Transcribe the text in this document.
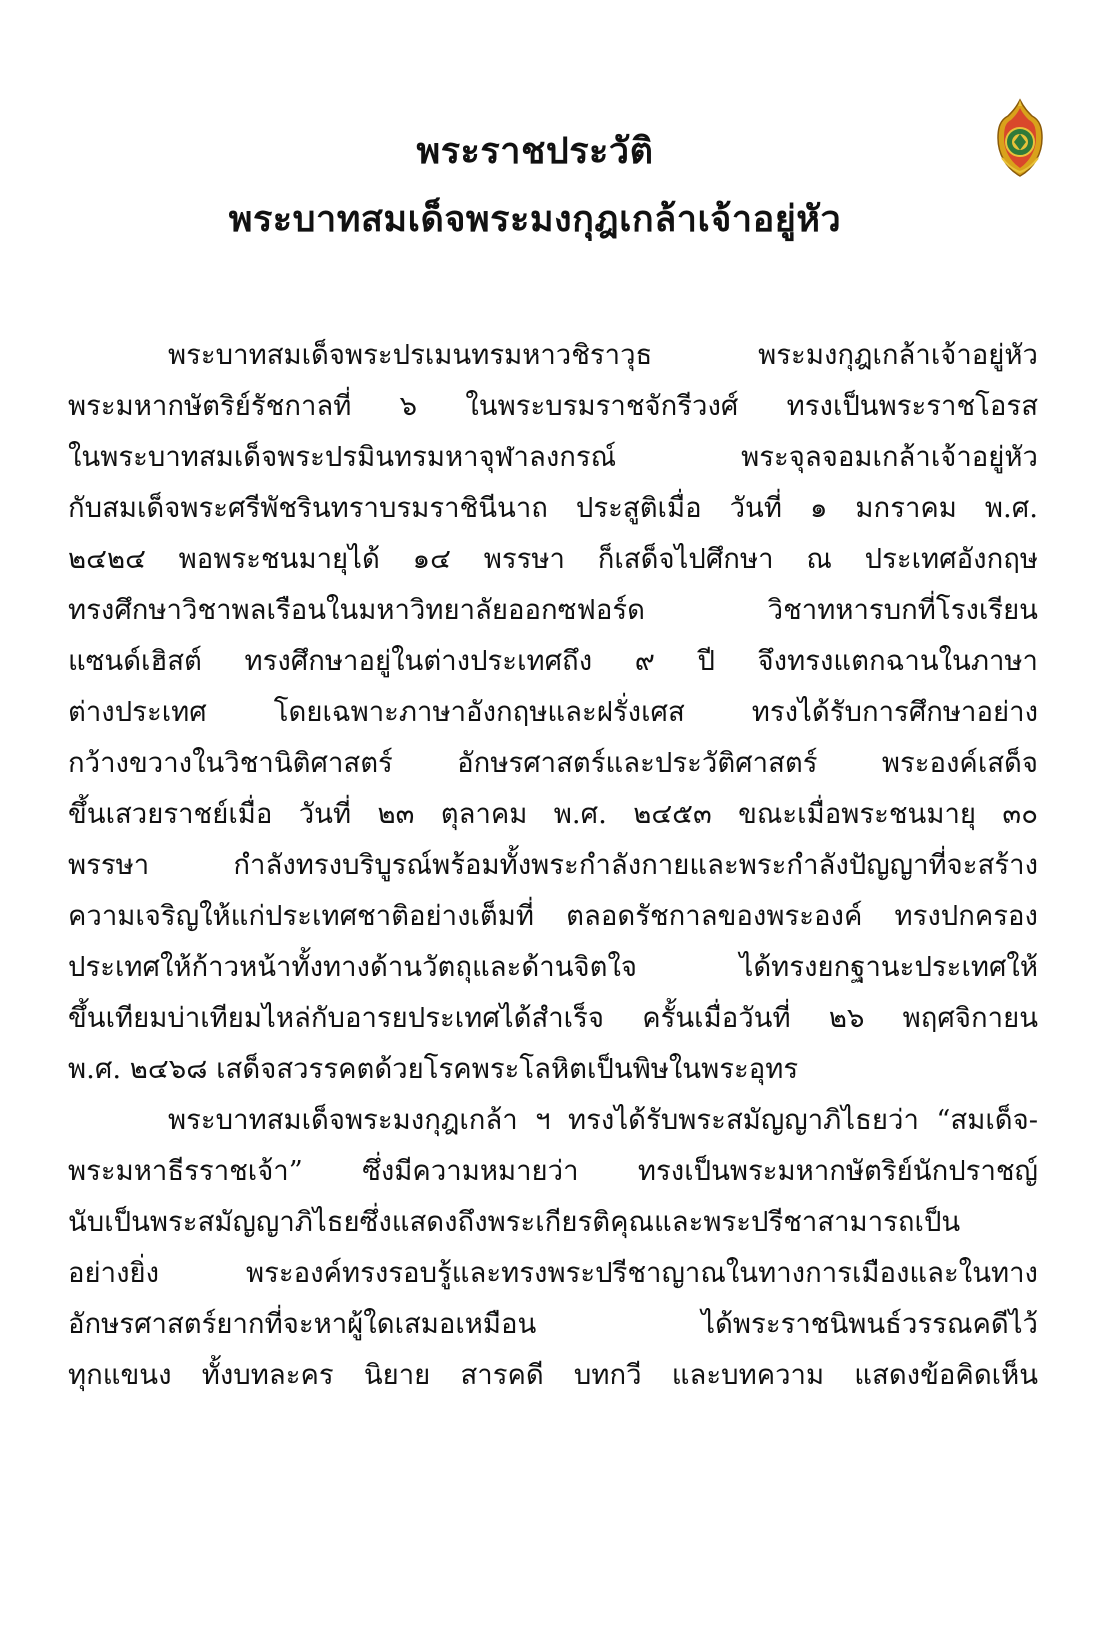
พระราชประวัติ
พระบาทสมเด็จพระมงกุฎเกล้าเจ้าอยู่หัว
พระบาทสมเด็จพระปรเมนทรมหาวชิราวุธ พระมงกุฎเกล้าเจ้าอยู่หัว
พระมหากษัตริย์รัชกาลที่ ๖ ในพระบรมราชจักรีวงศ์ ทรงเป็นพระราชโอรส
ในพระบาทสมเด็จพระปรมินทรมหาจุฬาลงกรณ์ พระจุลจอมเกล้าเจ้าอยู่หัว
กับสมเด็จพระศรีพัชรินทราบรมราชินีนาถ ประสูติเมื่อ วันที่ ๑ มกราคม พ.ศ.
๒๔๒๔ พอพระชนมายุได้ ๑๔ พรรษา ก็เสด็จไปศึกษา ณ ประเทศอังกฤษ
ทรงศึกษาวิชาพลเรือนในมหาวิทยาลัยออกซฟอร์ด วิชาทหารบกที่โรงเรียน
แซนด์เฮิสต์ ทรงศึกษาอยู่ในต่างประเทศถึง ๙ ปี จึงทรงแตกฉานในภาษา
ต่างประเทศ โดยเฉพาะภาษาอังกฤษและฝรั่งเศส ทรงได้รับการศึกษาอย่าง
กว้างขวางในวิชานิติศาสตร์ อักษรศาสตร์และประวัติศาสตร์ พระองค์เสด็จ
ขึ้นเสวยราชย์เมื่อ วันที่ ๒๓ ตุลาคม พ.ศ. ๒๔๕๓ ขณะเมื่อพระชนมายุ ๓๐
พรรษา กำลังทรงบริบูรณ์พร้อมทั้งพระกำลังกายและพระกำลังปัญญาที่จะสร้าง
ความเจริญให้แก่ประเทศชาติอย่างเต็มที่ ตลอดรัชกาลของพระองค์ ทรงปกครอง
ประเทศให้ก้าวหน้าทั้งทางด้านวัตถุและด้านจิตใจ ได้ทรงยกฐานะประเทศให้
ขึ้นเทียมบ่าเทียมไหล่กับอารยประเทศได้สำเร็จ ครั้นเมื่อวันที่ ๒๖ พฤศจิกายน
พ.ศ. ๒๔๖๘ เสด็จสวรรคตด้วยโรคพระโลหิตเป็นพิษในพระอุทร
พระบาทสมเด็จพระมงกุฎเกล้า ฯ ทรงได้รับพระสมัญญาภิไธยว่า “สมเด็จ-
พระมหาธีรราชเจ้า” ซึ่งมีความหมายว่า ทรงเป็นพระมหากษัตริย์นักปราชญ์
นับเป็นพระสมัญญาภิไธยซึ่งแสดงถึงพระเกียรติคุณและพระปรีชาสามารถเป็น
อย่างยิ่ง พระองค์ทรงรอบรู้และทรงพระปรีชาญาณในทางการเมืองและในทาง
อักษรศาสตร์ยากที่จะหาผู้ใดเสมอเหมือน ได้พระราชนิพนธ์วรรณคดีไว้
ทุกแขนง ทั้งบทละคร นิยาย สารคดี บทกวี และบทความ แสดงข้อคิดเห็น
